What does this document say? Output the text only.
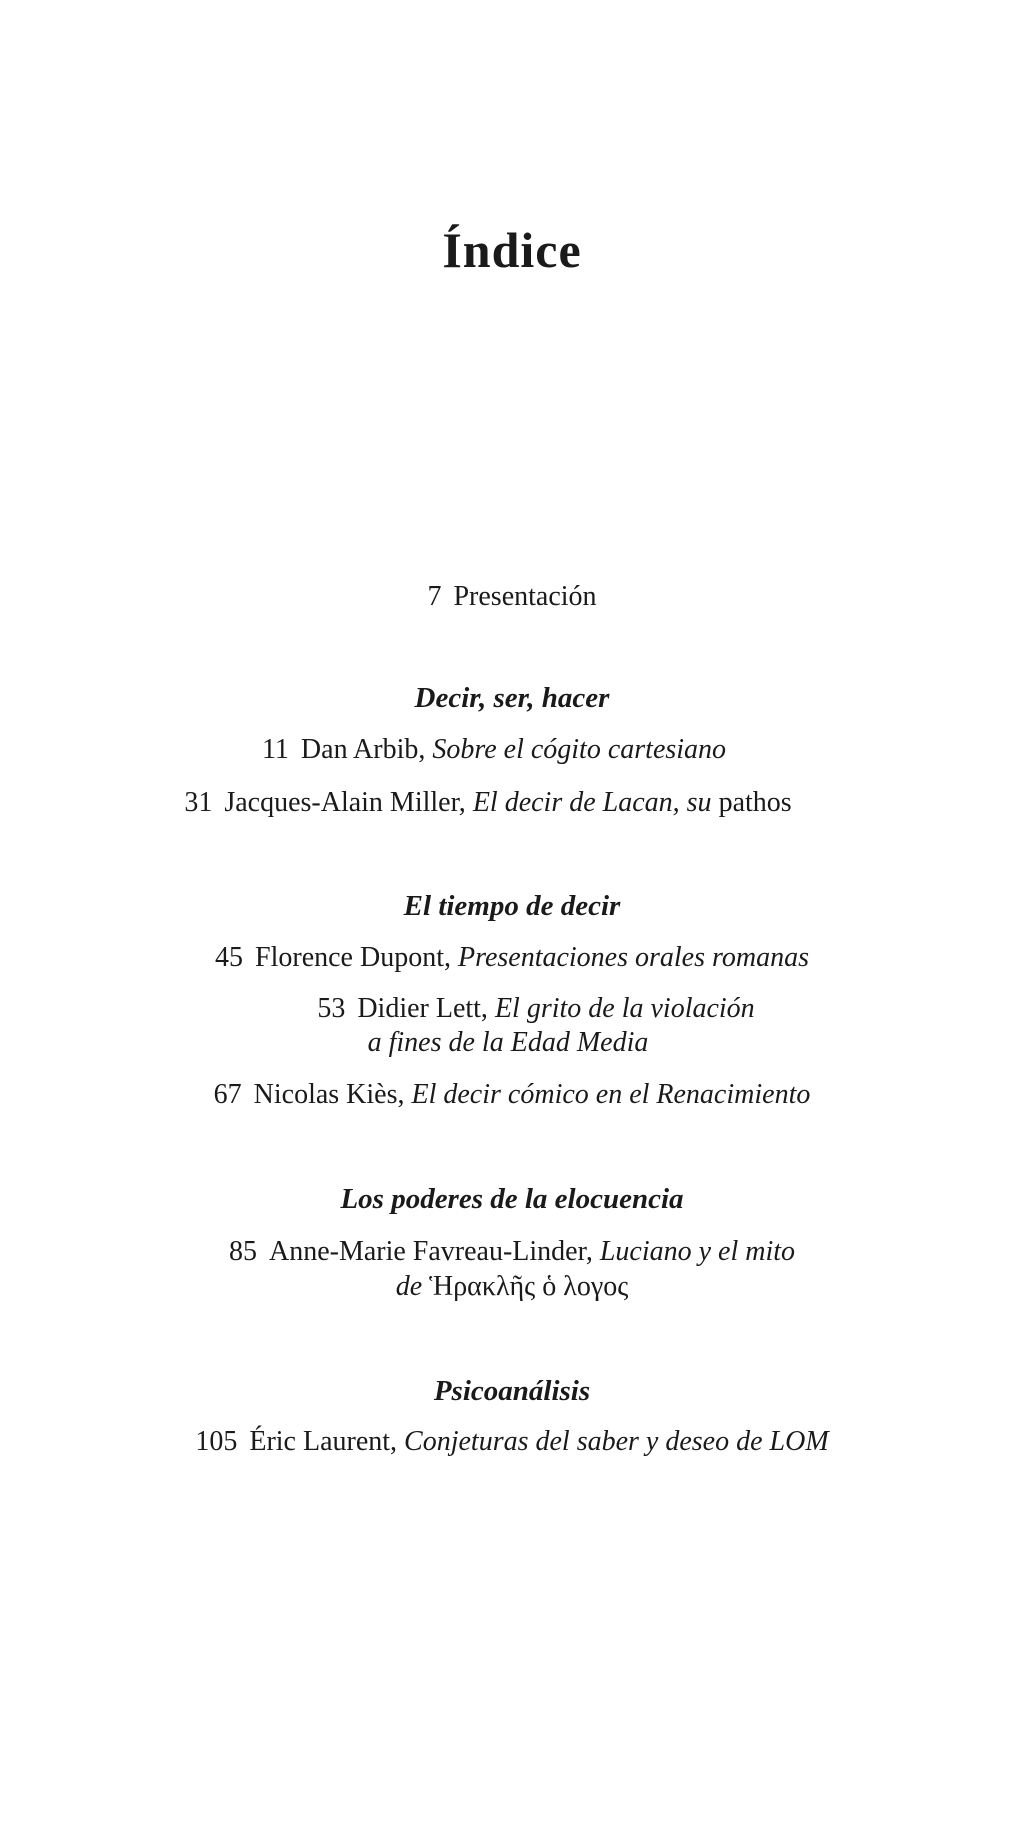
Índice
7 Presentación
Decir, ser, hacer
11 Dan Arbib, Sobre el cógito cartesiano
31 Jacques-Alain Miller, El decir de Lacan, su pathos
El tiempo de decir
45 Florence Dupont, Presentaciones orales romanas
53 Didier Lett, El grito de la violación
a fines de la Edad Media
67 Nicolas Kiès, El decir cómico en el Renacimiento
Los poderes de la elocuencia
85 Anne-Marie Favreau-Linder, Luciano y el mito
de Ἡρακλῆς ὁ λογος
Psicoanálisis
105 Éric Laurent, Conjeturas del saber y deseo de LOM
